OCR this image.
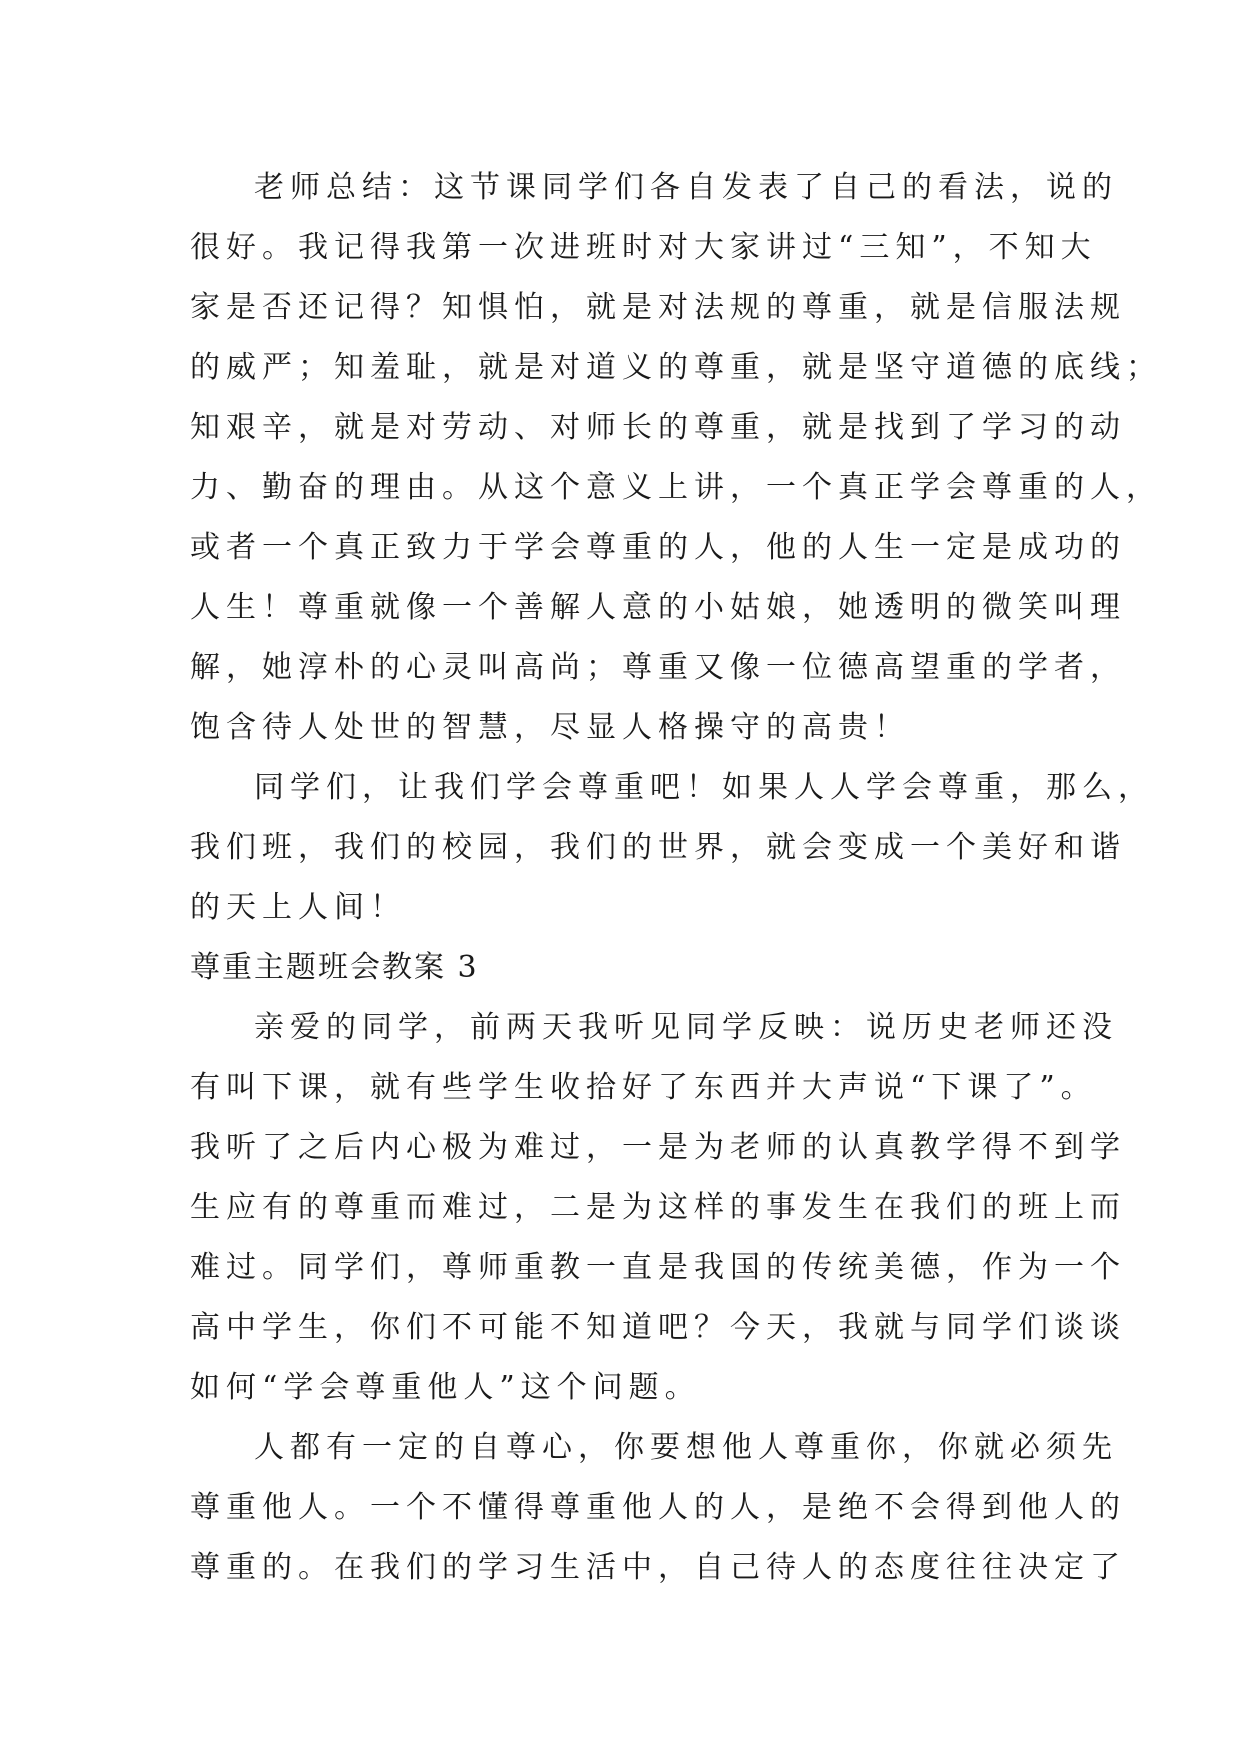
老师总结：这节课同学们各自发表了自己的看法，说的
很好。我记得我第一次进班时对大家讲过“三知”，不知大
家是否还记得？知惧怕，就是对法规的尊重，就是信服法规
的威严；知羞耻，就是对道义的尊重，就是坚守道德的底线；
知艰辛，就是对劳动、对师长的尊重，就是找到了学习的动
力、勤奋的理由。从这个意义上讲，一个真正学会尊重的人，
或者一个真正致力于学会尊重的人，他的人生一定是成功的
人生！尊重就像一个善解人意的小姑娘，她透明的微笑叫理
解，她淳朴的心灵叫高尚；尊重又像一位德高望重的学者，
饱含待人处世的智慧，尽显人格操守的高贵！
同学们，让我们学会尊重吧！如果人人学会尊重，那么，
我们班，我们的校园，我们的世界，就会变成一个美好和谐
的天上人间！
尊重主题班会教案 3
亲爱的同学，前两天我听见同学反映：说历史老师还没
有叫下课，就有些学生收拾好了东西并大声说“下课了”。
我听了之后内心极为难过，一是为老师的认真教学得不到学
生应有的尊重而难过，二是为这样的事发生在我们的班上而
难过。同学们，尊师重教一直是我国的传统美德，作为一个
高中学生，你们不可能不知道吧？今天，我就与同学们谈谈
如何“学会尊重他人”这个问题。
人都有一定的自尊心，你要想他人尊重你，你就必须先
尊重他人。一个不懂得尊重他人的人，是绝不会得到他人的
尊重的。在我们的学习生活中，自己待人的态度往往决定了
